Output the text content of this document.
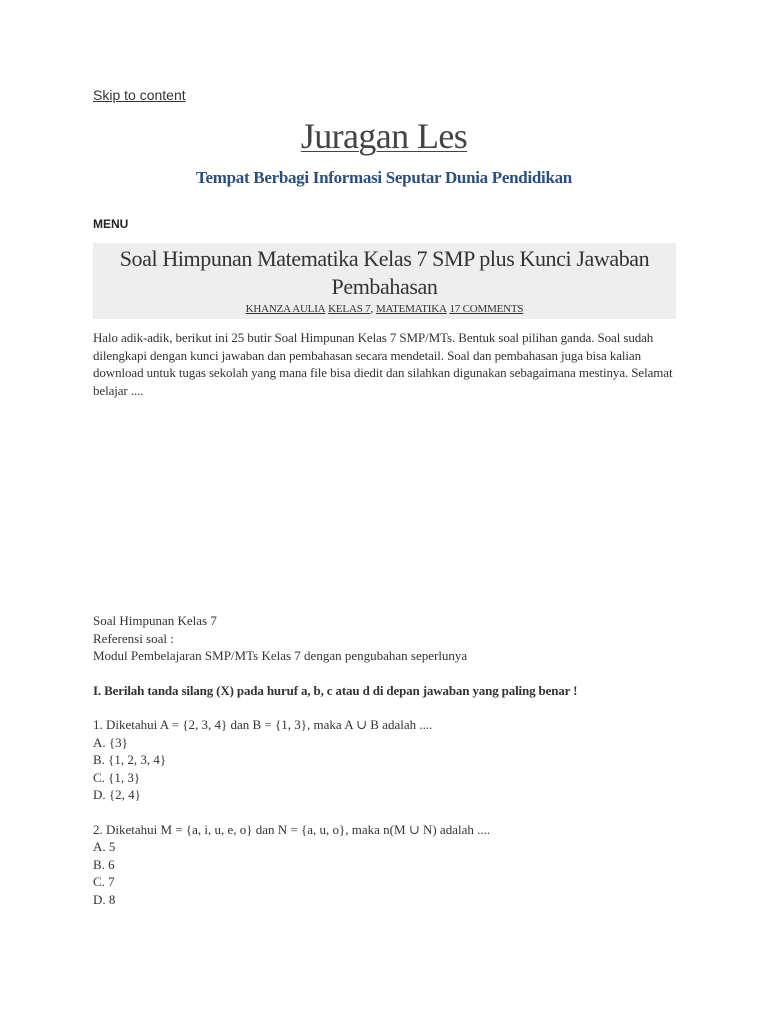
Skip to content
Juragan Les
Tempat Berbagi Informasi Seputar Dunia Pendidikan
MENU
Soal Himpunan Matematika Kelas 7 SMP plus Kunci Jawaban Pembahasan
KHANZA AULIA KELAS 7, MATEMATIKA 17 COMMENTS

Halo adik-adik, berikut ini 25 butir Soal Himpunan Kelas 7 SMP/MTs. Bentuk soal pilihan ganda. Soal sudah dilengkapi dengan kunci jawaban dan pembahasan secara mendetail. Soal dan pembahasan juga bisa kalian download untuk tugas sekolah yang mana file bisa diedit dan silahkan digunakan sebagaimana mestinya. Selamat belajar ....

Soal Himpunan Kelas 7
Referensi soal :
Modul Pembelajaran SMP/MTs Kelas 7 dengan pengubahan seperlunya
I. Berilah tanda silang (X) pada huruf a, b, c atau d di depan jawaban yang paling benar !
1. Diketahui A = {2, 3, 4} dan B = {1, 3}, maka A ∪ B adalah ....
A. {3}
B. {1, 2, 3, 4}
C. {1, 3}
D. {2, 4}
2. Diketahui M = {a, i, u, e, o} dan N = {a, u, o}, maka n(M ∪ N) adalah ....
A. 5
B. 6
C. 7
D. 8
